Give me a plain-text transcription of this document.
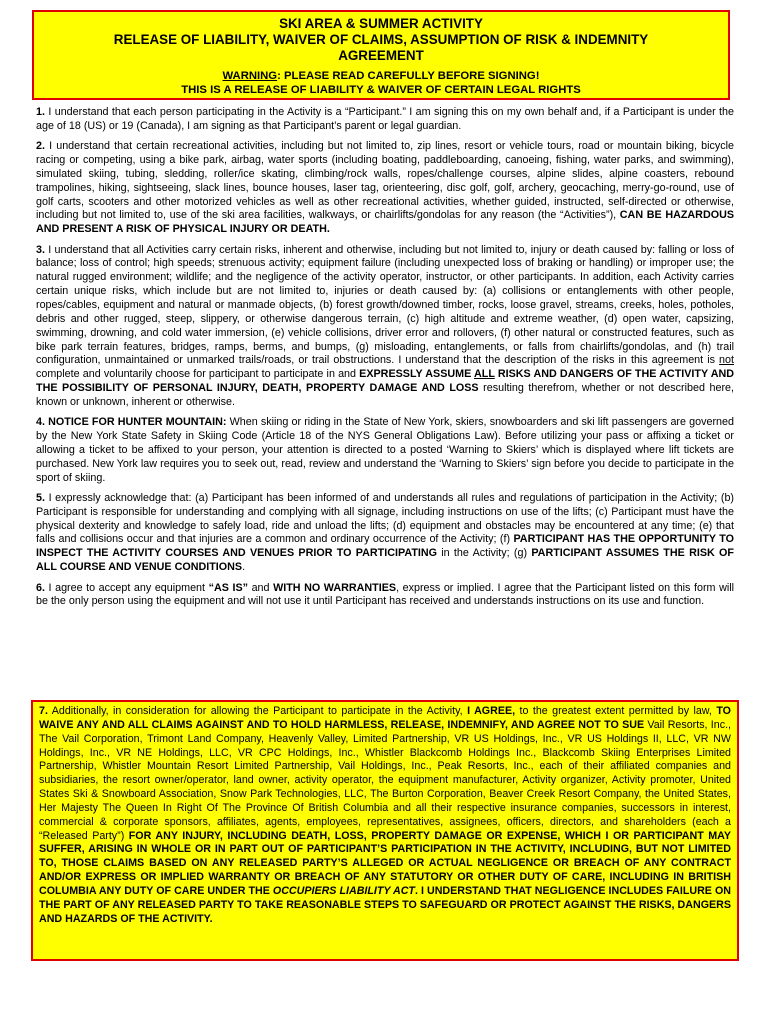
SKI AREA & SUMMER ACTIVITY
RELEASE OF LIABILITY, WAIVER OF CLAIMS, ASSUMPTION OF RISK & INDEMNITY
AGREEMENT
WARNING: PLEASE READ CAREFULLY BEFORE SIGNING!
THIS IS A RELEASE OF LIABILITY & WAIVER OF CERTAIN LEGAL RIGHTS

1. I understand that each person participating in the Activity is a “Participant.” I am signing this on my own behalf and, if a Participant is under the age of 18 (US) or 19 (Canada), I am signing as that Participant’s parent or legal guardian.

2. I understand that certain recreational activities, including but not limited to, zip lines, resort or vehicle tours, road or mountain biking, bicycle racing or competing, using a bike park, airbag, water sports (including boating, paddleboarding, canoeing, fishing, water parks, and swimming), simulated skiing, tubing, sledding, roller/ice skating, climbing/rock walls, ropes/challenge courses, alpine slides, alpine coasters, rebound trampolines, hiking, sightseeing, slack lines, bounce houses, laser tag, orienteering, disc golf, golf, archery, geocaching, merry-go-round, use of golf carts, scooters and other motorized vehicles as well as other recreational activities, whether guided, instructed, self-directed or otherwise, including but not limited to, use of the ski area facilities, walkways, or chairlifts/gondolas for any reason (the “Activities”), CAN BE HAZARDOUS AND PRESENT A RISK OF PHYSICAL INJURY OR DEATH.

3. I understand that all Activities carry certain risks, inherent and otherwise, including but not limited to, injury or death caused by: falling or loss of balance; loss of control; high speeds; strenuous activity; equipment failure (including unexpected loss of braking or handling) or improper use; the natural rugged environment; wildlife; and the negligence of the activity operator, instructor, or other participants. In addition, each Activity carries certain unique risks, which include but are not limited to, injuries or death caused by: (a) collisions or entanglements with other people, ropes/cables, equipment and natural or manmade objects, (b) forest growth/downed timber, rocks, loose gravel, streams, creeks, holes, potholes, debris and other rugged, steep, slippery, or otherwise dangerous terrain, (c) high altitude and extreme weather, (d) open water, capsizing, swimming, drowning, and cold water immersion, (e) vehicle collisions, driver error and rollovers, (f) other natural or constructed features, such as bike park terrain features, bridges, ramps, berms, and bumps, (g) misloading, entanglements, or falls from chairlifts/gondolas, and (h) trail configuration, unmaintained or unmarked trails/roads, or trail obstructions. I understand that the description of the risks in this agreement is not complete and voluntarily choose for participant to participate in and EXPRESSLY ASSUME ALL RISKS AND DANGERS OF THE ACTIVITY AND THE POSSIBILITY OF PERSONAL INJURY, DEATH, PROPERTY DAMAGE AND LOSS resulting therefrom, whether or not described here, known or unknown, inherent or otherwise.

4. NOTICE FOR HUNTER MOUNTAIN: When skiing or riding in the State of New York, skiers, snowboarders and ski lift passengers are governed by the New York State Safety in Skiing Code (Article 18 of the NYS General Obligations Law). Before utilizing your pass or affixing a ticket or allowing a ticket to be affixed to your person, your attention is directed to a posted ‘Warning to Skiers’ which is displayed where lift tickets are purchased. New York law requires you to seek out, read, review and understand the ‘Warning to Skiers’ sign before you decide to participate in the sport of skiing.

5. I expressly acknowledge that: (a) Participant has been informed of and understands all rules and regulations of participation in the Activity; (b) Participant is responsible for understanding and complying with all signage, including instructions on use of the lifts; (c) Participant must have the physical dexterity and knowledge to safely load, ride and unload the lifts; (d) equipment and obstacles may be encountered at any time; (e) that falls and collisions occur and that injuries are a common and ordinary occurrence of the Activity; (f) PARTICIPANT HAS THE OPPORTUNITY TO INSPECT THE ACTIVITY COURSES AND VENUES PRIOR TO PARTICIPATING in the Activity; (g) PARTICIPANT ASSUMES THE RISK OF ALL COURSE AND VENUE CONDITIONS.

6. I agree to accept any equipment “AS IS” and WITH NO WARRANTIES, express or implied. I agree that the Participant listed on this form will be the only person using the equipment and will not use it until Participant has received and understands instructions on its use and function.

7. Additionally, in consideration for allowing the Participant to participate in the Activity, I AGREE, to the greatest extent permitted by law, TO WAIVE ANY AND ALL CLAIMS AGAINST AND TO HOLD HARMLESS, RELEASE, INDEMNIFY, AND AGREE NOT TO SUE Vail Resorts, Inc., The Vail Corporation, Trimont Land Company, Heavenly Valley, Limited Partnership, VR US Holdings, Inc., VR US Holdings II, LLC, VR NW Holdings, Inc., VR NE Holdings, LLC, VR CPC Holdings, Inc., Whistler Blackcomb Holdings Inc., Blackcomb Skiing Enterprises Limited Partnership, Whistler Mountain Resort Limited Partnership, Vail Holdings, Inc., Peak Resorts, Inc., each of their affiliated companies and subsidiaries, the resort owner/operator, land owner, activity operator, the equipment manufacturer, Activity organizer, Activity promoter, United States Ski & Snowboard Association, Snow Park Technologies, LLC, The Burton Corporation, Beaver Creek Resort Company, the United States, Her Majesty The Queen In Right Of The Province Of British Columbia and all their respective insurance companies, successors in interest, commercial & corporate sponsors, affiliates, agents, employees, representatives, assignees, officers, directors, and shareholders (each a “Released Party”) FOR ANY INJURY, INCLUDING DEATH, LOSS, PROPERTY DAMAGE OR EXPENSE, WHICH I OR PARTICIPANT MAY SUFFER, ARISING IN WHOLE OR IN PART OUT OF PARTICIPANT’S PARTICIPATION IN THE ACTIVITY, INCLUDING, BUT NOT LIMITED TO, THOSE CLAIMS BASED ON ANY RELEASED PARTY’S ALLEGED OR ACTUAL NEGLIGENCE OR BREACH OF ANY CONTRACT AND/OR EXPRESS OR IMPLIED WARRANTY OR BREACH OF ANY STATUTORY OR OTHER DUTY OF CARE, INCLUDING IN BRITISH COLUMBIA ANY DUTY OF CARE UNDER THE OCCUPIERS LIABILITY ACT. I UNDERSTAND THAT NEGLIGENCE INCLUDES FAILURE ON THE PART OF ANY RELEASED PARTY TO TAKE REASONABLE STEPS TO SAFEGUARD OR PROTECT AGAINST THE RISKS, DANGERS AND HAZARDS OF THE ACTIVITY.
